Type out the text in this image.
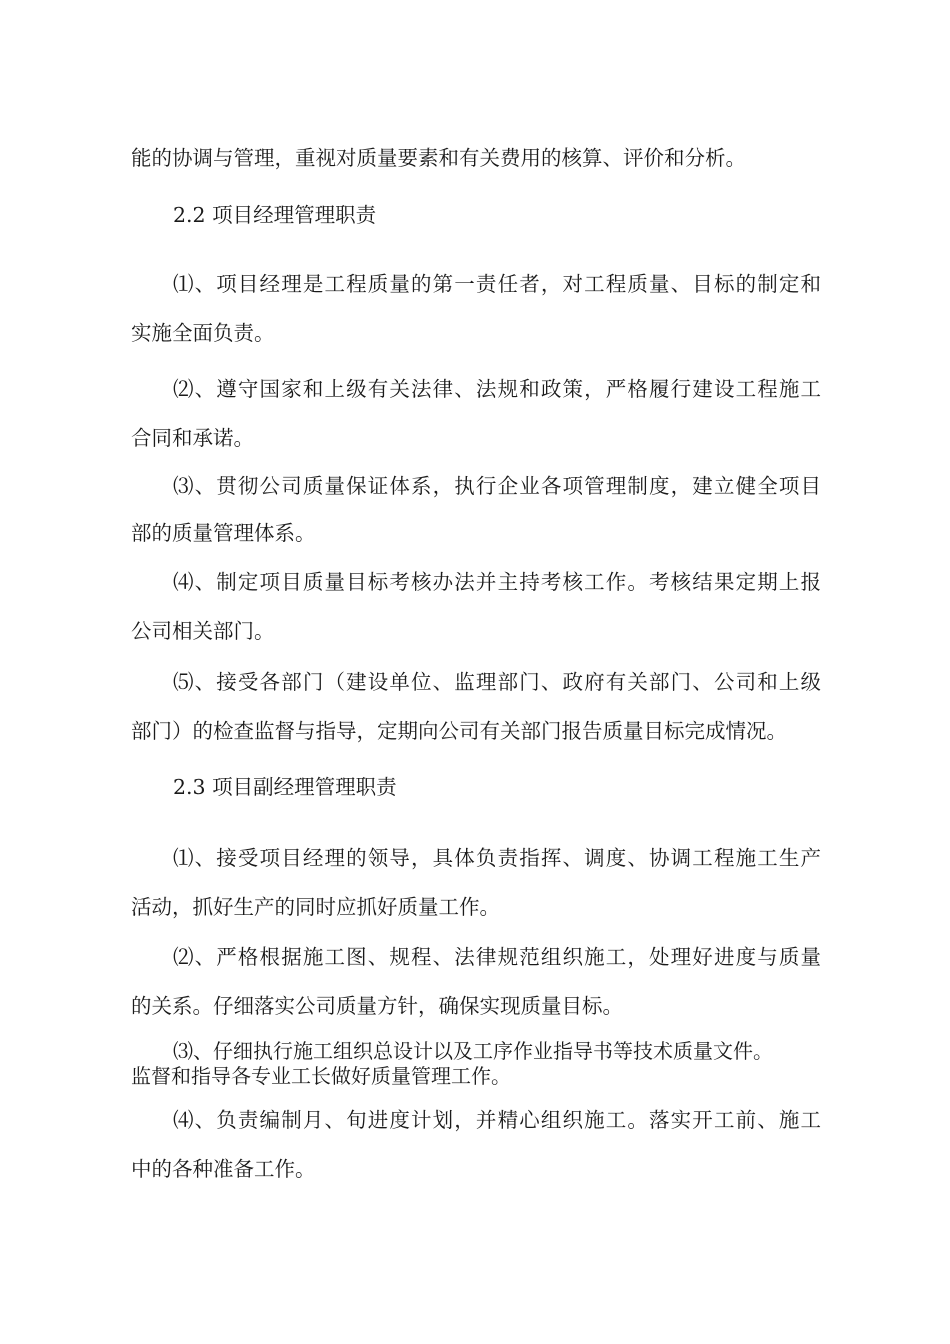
能的协调与管理，重视对质量要素和有关费用的核算、评价和分析。
2.2 项目经理管理职责
⑴、项目经理是工程质量的第一责任者，对工程质量、目标的制定和
实施全面负责。
⑵、遵守国家和上级有关法律、法规和政策，严格履行建设工程施工
合同和承诺。
⑶、贯彻公司质量保证体系，执行企业各项管理制度，建立健全项目
部的质量管理体系。
⑷、制定项目质量目标考核办法并主持考核工作。考核结果定期上报
公司相关部门。
⑸、接受各部门（建设单位、监理部门、政府有关部门、公司和上级
部门）的检查监督与指导，定期向公司有关部门报告质量目标完成情况。
2.3 项目副经理管理职责
⑴、接受项目经理的领导，具体负责指挥、调度、协调工程施工生产
活动，抓好生产的同时应抓好质量工作。
⑵、严格根据施工图、规程、法律规范组织施工，处理好进度与质量
的关系。仔细落实公司质量方针，确保实现质量目标。
⑶、仔细执行施工组织总设计以及工序作业指导书等技术质量文件。
监督和指导各专业工长做好质量管理工作。
⑷、负责编制月、旬进度计划，并精心组织施工。落实开工前、施工
中的各种准备工作。
